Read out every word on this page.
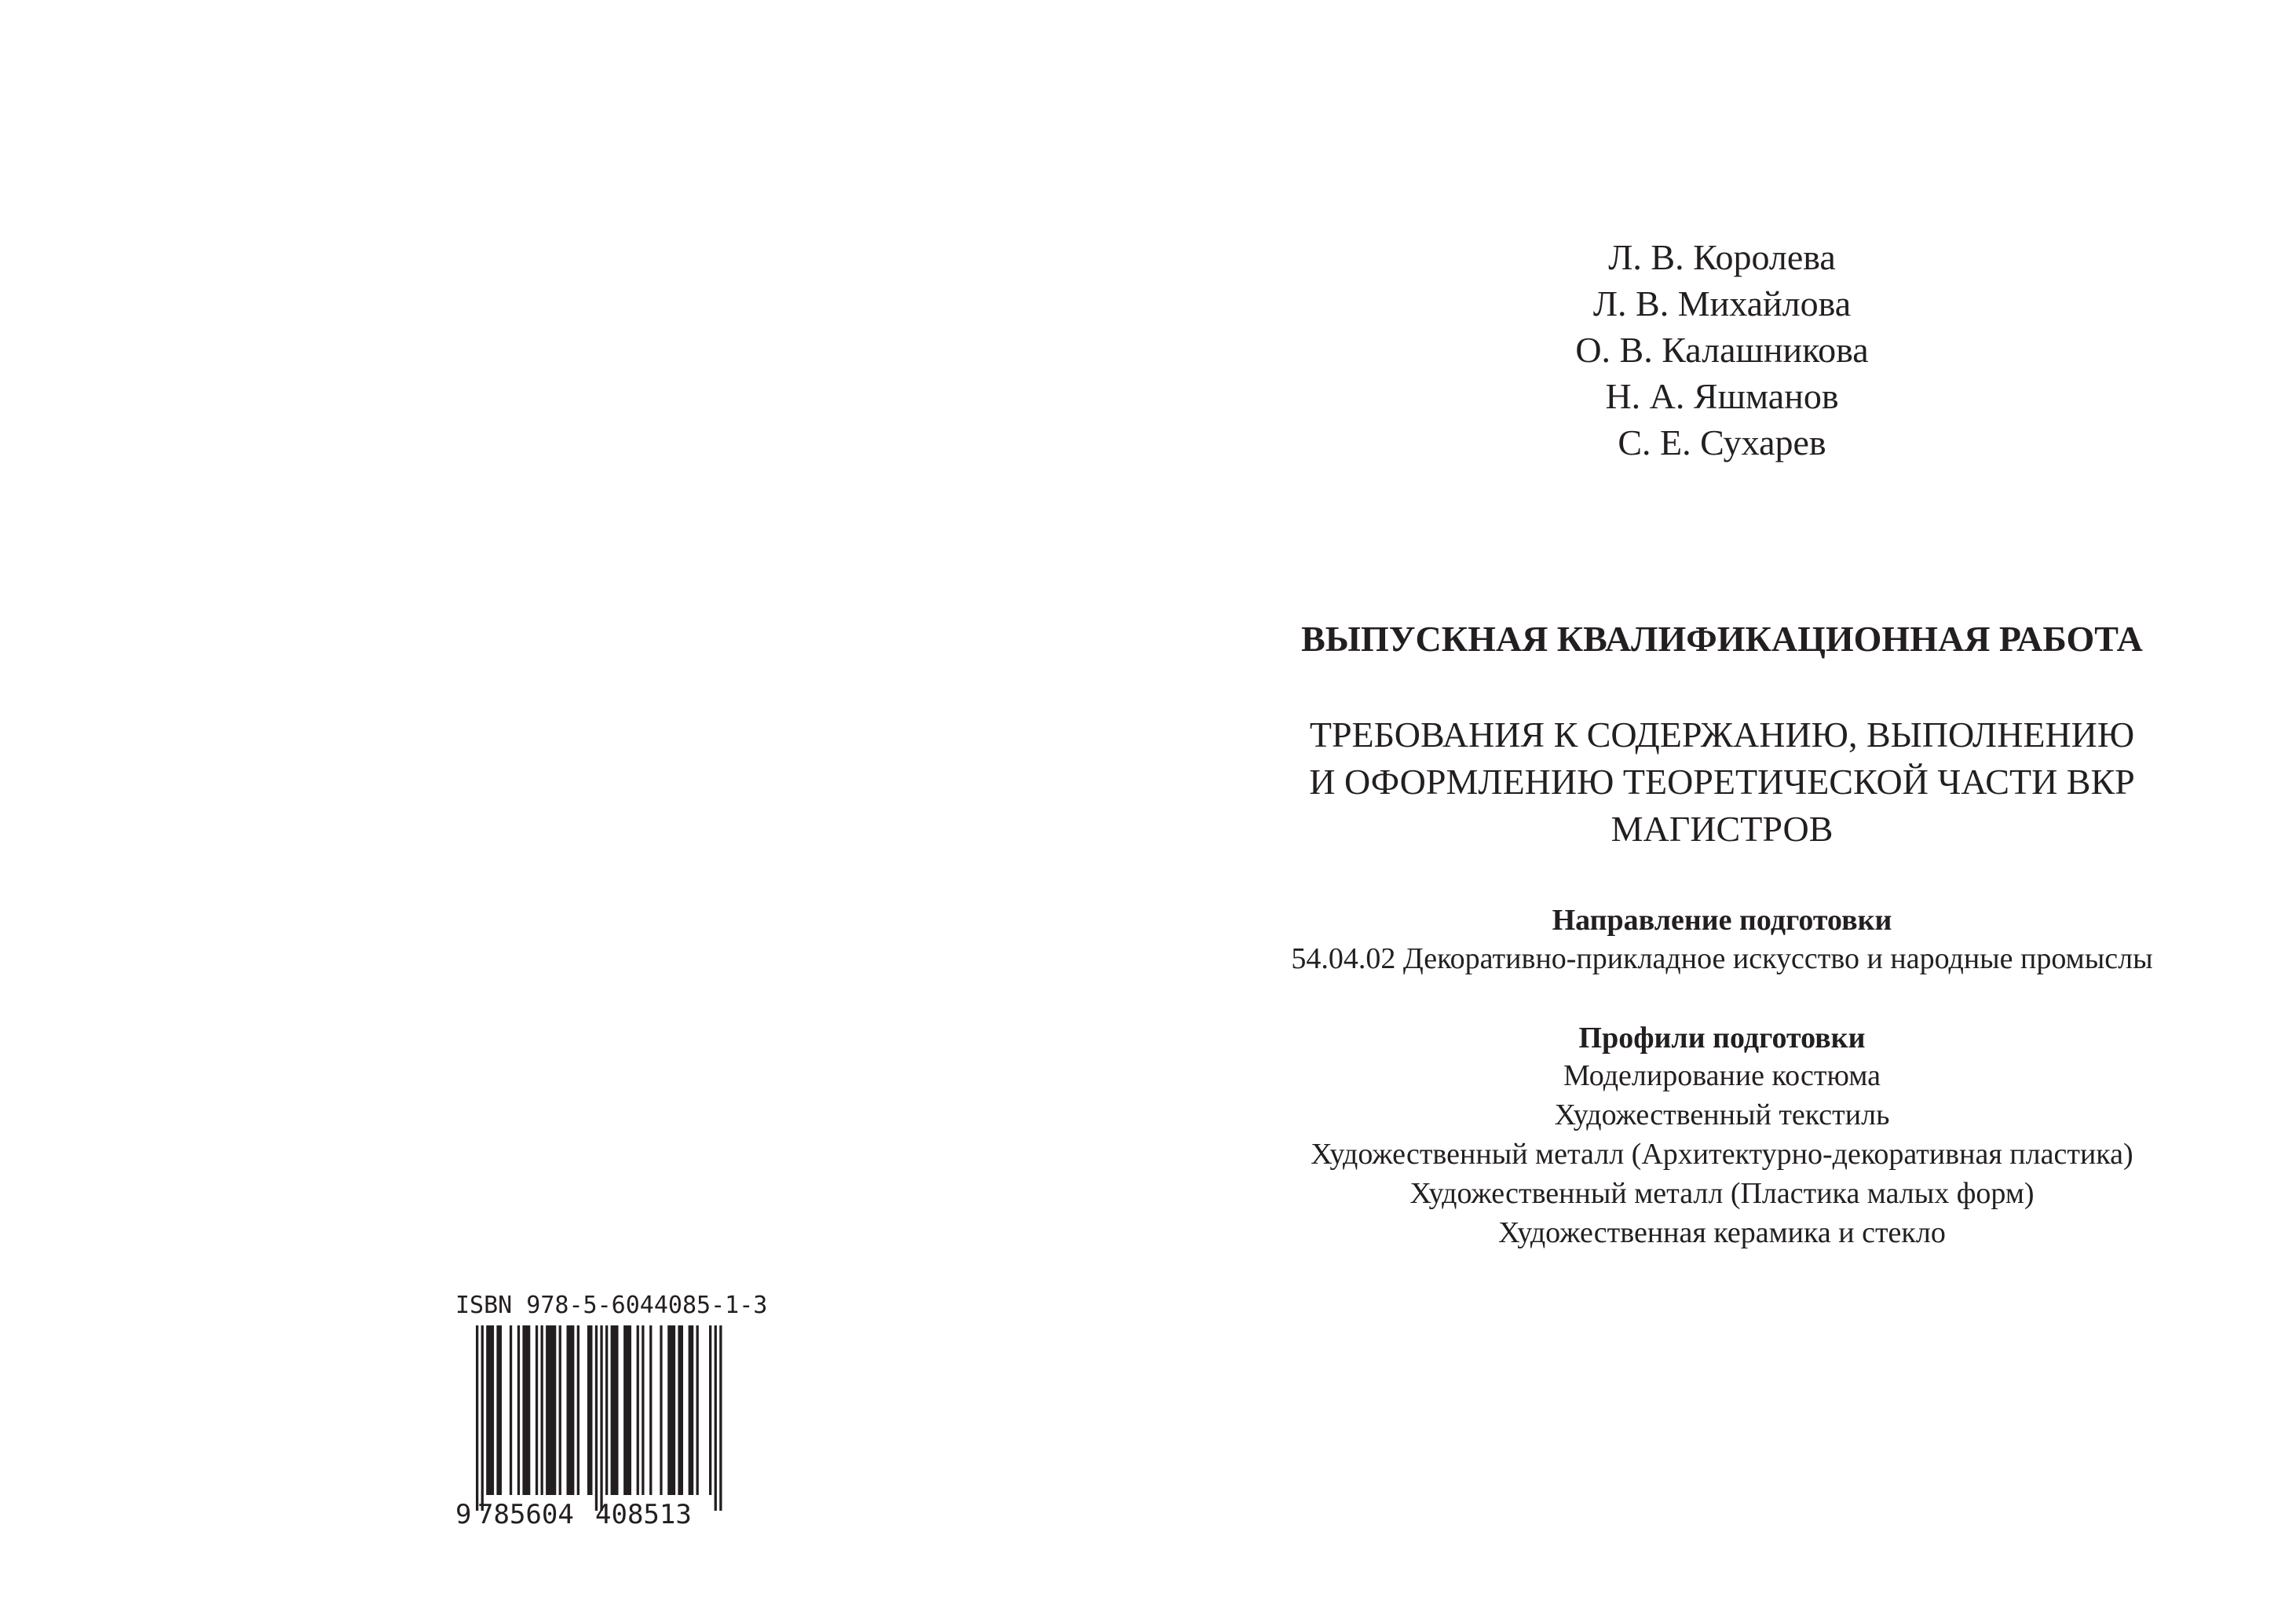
ISBN 978-5-6044085-1-3
9 785604 408513
Л. В. Королева
Л. В. Михайлова
О. В. Калашникова
Н. А. Яшманов
С. Е. Сухарев
ВЫПУСКНАЯ КВАЛИФИКАЦИОННАЯ РАБОТА
ТРЕБОВАНИЯ К СОДЕРЖАНИЮ, ВЫПОЛНЕНИЮ
И ОФОРМЛЕНИЮ ТЕОРЕТИЧЕСКОЙ ЧАСТИ ВКР
МАГИСТРОВ
Направление подготовки
54.04.02 Декоративно-прикладное искусство и народные промыслы
Профили подготовки
Моделирование костюма
Художественный текстиль
Художественный металл (Архитектурно-декоративная пластика)
Художественный металл (Пластика малых форм)
Художественная керамика и стекло
